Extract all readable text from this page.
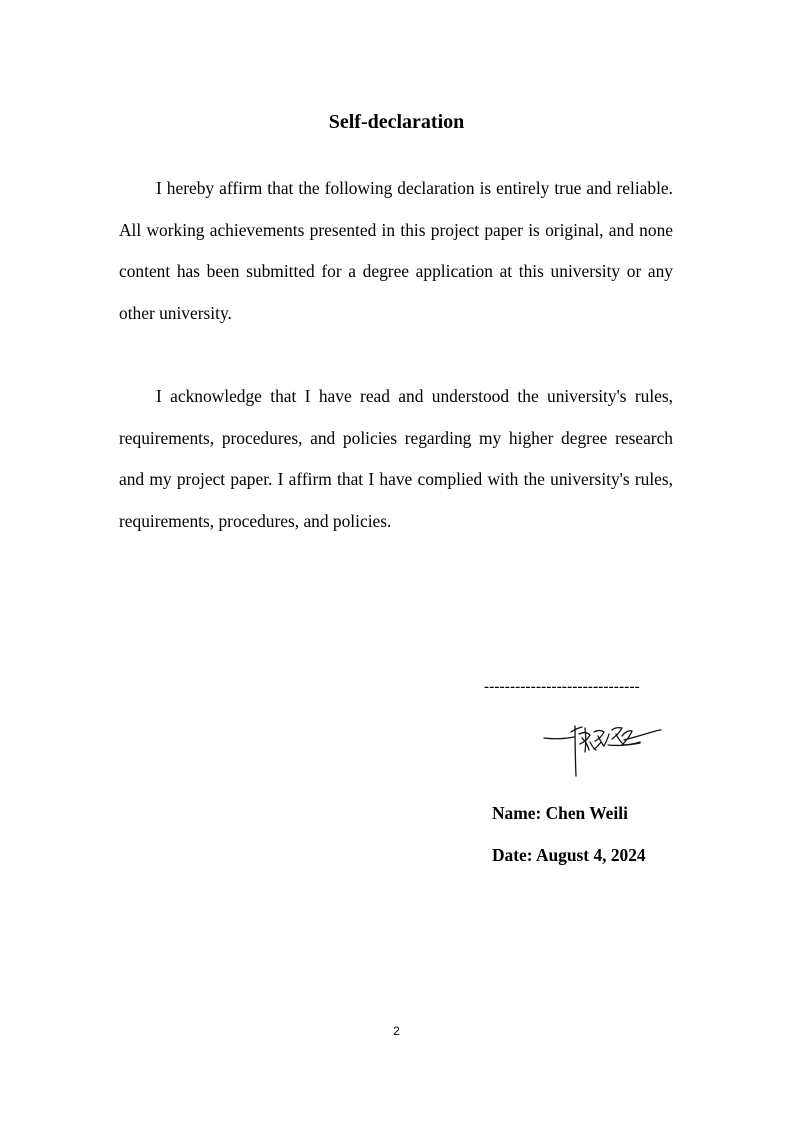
Self-declaration

I hereby affirm that the following declaration is entirely true and reliable. All working achievements presented in this project paper is original, and none content has been submitted for a degree application at this university or any other university.

I acknowledge that I have read and understood the university's rules, requirements, procedures, and policies regarding my higher degree research and my project paper. I affirm that I have complied with the university's rules, requirements, procedures, and policies.

------------------------------
Name: Chen Weili
Date: August 4, 2024
2
